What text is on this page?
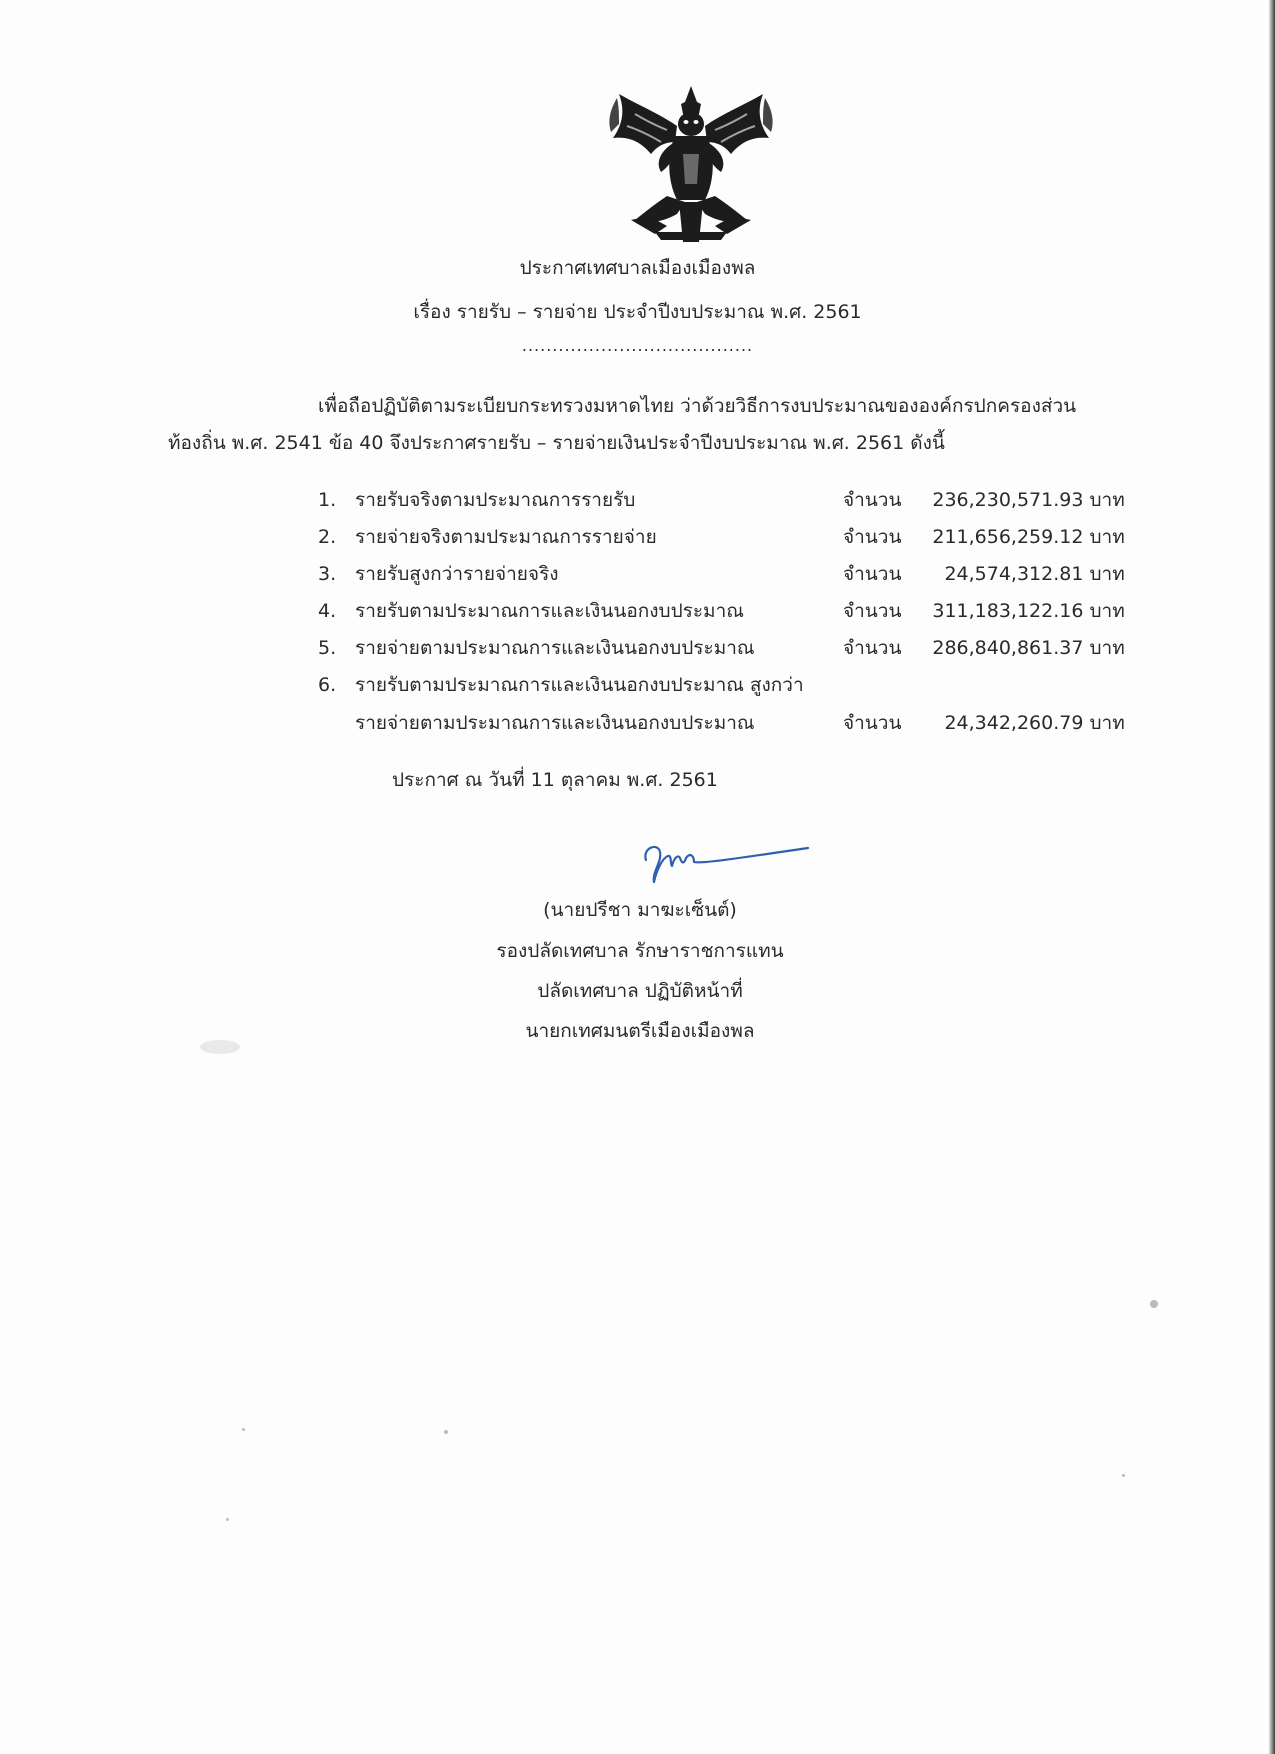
ประกาศเทศบาลเมืองเมืองพล
เรื่อง รายรับ – รายจ่าย ประจำปีงบประมาณ พ.ศ. 2561
......................................
เพื่อถือปฏิบัติตามระเบียบกระทรวงมหาดไทย ว่าด้วยวิธีการงบประมาณขององค์กรปกครองส่วน
ท้องถิ่น พ.ศ. 2541 ข้อ 40 จึงประกาศรายรับ – รายจ่ายเงินประจำปีงบประมาณ พ.ศ. 2561 ดังนี้
1. รายรับจริงตามประมาณการรายรับ	จำนวน 236,230,571.93 บาท
2. รายจ่ายจริงตามประมาณการรายจ่าย	จำนวน 211,656,259.12 บาท
3. รายรับสูงกว่ารายจ่ายจริง	จำนวน 24,574,312.81 บาท
4. รายรับตามประมาณการและเงินนอกงบประมาณ	จำนวน 311,183,122.16 บาท
5. รายจ่ายตามประมาณการและเงินนอกงบประมาณ	จำนวน 286,840,861.37 บาท
6. รายรับตามประมาณการและเงินนอกงบประมาณ สูงกว่า
รายจ่ายตามประมาณการและเงินนอกงบประมาณ	จำนวน 24,342,260.79 บาท
ประกาศ ณ วันที่ 11 ตุลาคม พ.ศ. 2561
(นายปรีชา มาฆะเซ็นต์)
รองปลัดเทศบาล รักษาราชการแทน
ปลัดเทศบาล ปฏิบัติหน้าที่
นายกเทศมนตรีเมืองเมืองพล
